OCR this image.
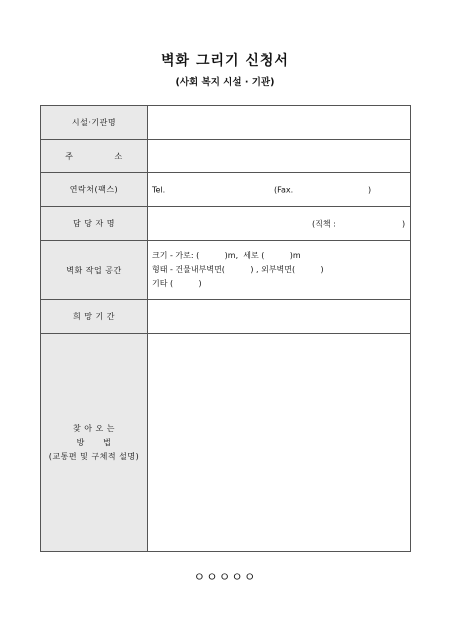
벽화 그리기 신청서
(사회 복지 시설 · 기관)
시설·기관명	
주 소	
연락처(팩스)	Tel. (Fax. )

담 당 자 명	(직책 : )

벽화 작업 공간	크기 - 가로: (          )m,  세로 (          )m
형태 - 건물내부벽면(          ) , 외부벽면(          )
기타 (          )

희 망 기 간	

찾 아 오 는
방      법
(교통편 및 구체적 설명)	

ㅇㅇㅇㅇㅇ
